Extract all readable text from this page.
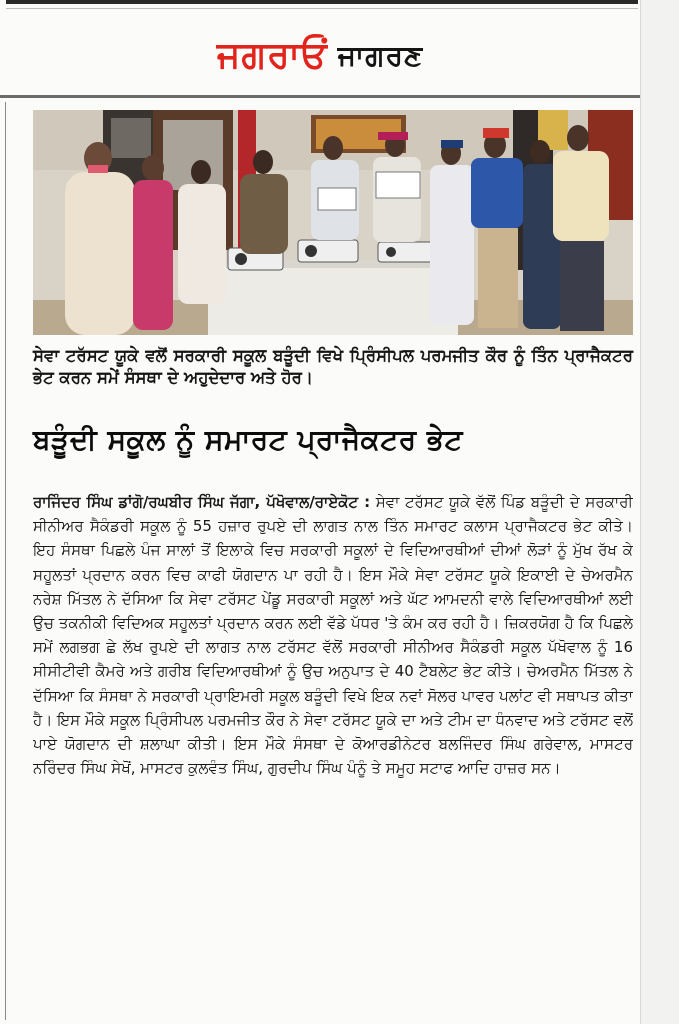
ਜਗਰਾਓਂ ਜਾਗਰਣ
ਸੇਵਾ ਟਰੱਸਟ ਯੂਕੇ ਵਲੋਂ ਸਰਕਾਰੀ ਸਕੂਲ ਬੜੂੰਦੀ ਵਿਖੇ ਪ੍ਰਿੰਸੀਪਲ ਪਰਮਜੀਤ ਕੌਰ ਨੂੰ ਤਿੰਨ ਪ੍ਰਾਜੈਕਟਰ ਭੇਟ ਕਰਨ ਸਮੇਂ ਸੰਸਥਾ ਦੇ ਅਹੁਦੇਦਾਰ ਅਤੇ ਹੋਰ।
ਬੜੂੰਦੀ ਸਕੂਲ ਨੂੰ ਸਮਾਰਟ ਪ੍ਰਾਜੈਕਟਰ ਭੇਟ
ਰਾਜਿੰਦਰ ਸਿੰਘ ਡਾਂਗੋ/ਰਘਬੀਰ ਸਿੰਘ ਜੱਗਾ, ਪੱਖੋਵਾਲ/ਰਾਏਕੋਟ : ਸੇਵਾ ਟਰੱਸਟ ਯੂਕੇ ਵੱਲੋਂ ਪਿੰਡ ਬੜੂੰਦੀ ਦੇ ਸਰਕਾਰੀ ਸੀਨੀਅਰ ਸੈਕੰਡਰੀ ਸਕੂਲ ਨੂੰ 55 ਹਜ਼ਾਰ ਰੁਪਏ ਦੀ ਲਾਗਤ ਨਾਲ ਤਿੰਨ ਸਮਾਰਟ ਕਲਾਸ ਪ੍ਰਾਜੈਕਟਰ ਭੇਟ ਕੀਤੇ। ਇਹ ਸੰਸਥਾ ਪਿਛਲੇ ਪੰਜ ਸਾਲਾਂ ਤੋਂ ਇਲਾਕੇ ਵਿਚ ਸਰਕਾਰੀ ਸਕੂਲਾਂ ਦੇ ਵਿਦਿਆਰਥੀਆਂ ਦੀਆਂ ਲੋੜਾਂ ਨੂੰ ਮੁੱਖ ਰੱਖ ਕੇ ਸਹੂਲਤਾਂ ਪ੍ਰਦਾਨ ਕਰਨ ਵਿਚ ਕਾਫੀ ਯੋਗਦਾਨ ਪਾ ਰਹੀ ਹੈ। ਇਸ ਮੌਕੇ ਸੇਵਾ ਟਰੱਸਟ ਯੂਕੇ ਇਕਾਈ ਦੇ ਚੇਅਰਮੈਨ ਨਰੇਸ਼ ਮਿੱਤਲ ਨੇ ਦੱਸਿਆ ਕਿ ਸੇਵਾ ਟਰੱਸਟ ਪੇਂਡੂ ਸਰਕਾਰੀ ਸਕੂਲਾਂ ਅਤੇ ਘੱਟ ਆਮਦਨੀ ਵਾਲੇ ਵਿਦਿਆਰਥੀਆਂ ਲਈ ਉਚ ਤਕਨੀਕੀ ਵਿਦਿਅਕ ਸਹੂਲਤਾਂ ਪ੍ਰਦਾਨ ਕਰਨ ਲਈ ਵੱਡੇ ਪੱਧਰ 'ਤੇ ਕੰਮ ਕਰ ਰਹੀ ਹੈ। ਜ਼ਿਕਰਯੋਗ ਹੈ ਕਿ ਪਿਛਲੇ ਸਮੇਂ ਲਗਭਗ ਛੇ ਲੱਖ ਰੁਪਏ ਦੀ ਲਾਗਤ ਨਾਲ ਟਰੱਸਟ ਵੱਲੋਂ ਸਰਕਾਰੀ ਸੀਨੀਅਰ ਸੈਕੰਡਰੀ ਸਕੂਲ ਪੱਖੋਵਾਲ ਨੂੰ 16 ਸੀਸੀਟੀਵੀ ਕੈਮਰੇ ਅਤੇ ਗਰੀਬ ਵਿਦਿਆਰਥੀਆਂ ਨੂੰ ਉਚ ਅਨੁਪਾਤ ਦੇ 40 ਟੈਬਲੇਟ ਭੇਟ ਕੀਤੇ। ਚੇਅਰਮੈਨ ਮਿੱਤਲ ਨੇ ਦੱਸਿਆ ਕਿ ਸੰਸਥਾ ਨੇ ਸਰਕਾਰੀ ਪ੍ਰਾਇਮਰੀ ਸਕੂਲ ਬੜੂੰਦੀ ਵਿਖੇ ਇਕ ਨਵਾਂ ਸੋਲਰ ਪਾਵਰ ਪਲਾਂਟ ਵੀ ਸਥਾਪਤ ਕੀਤਾ ਹੈ। ਇਸ ਮੌਕੇ ਸਕੂਲ ਪ੍ਰਿੰਸੀਪਲ ਪਰਮਜੀਤ ਕੌਰ ਨੇ ਸੇਵਾ ਟਰੱਸਟ ਯੂਕੇ ਦਾ ਅਤੇ ਟੀਮ ਦਾ ਧੰਨਵਾਦ ਅਤੇ ਟਰੱਸਟ ਵਲੋਂ ਪਾਏ ਯੋਗਦਾਨ ਦੀ ਸ਼ਲਾਘਾ ਕੀਤੀ। ਇਸ ਮੌਕੇ ਸੰਸਥਾ ਦੇ ਕੋਆਰਡੀਨੇਟਰ ਬਲਜਿੰਦਰ ਸਿੰਘ ਗਰੇਵਾਲ, ਮਾਸਟਰ ਨਰਿੰਦਰ ਸਿੰਘ ਸੇਖੋਂ, ਮਾਸਟਰ ਕੁਲਵੰਤ ਸਿੰਘ, ਗੁਰਦੀਪ ਸਿੰਘ ਪੰਨੂੰ ਤੇ ਸਮੂਹ ਸਟਾਫ ਆਦਿ ਹਾਜ਼ਰ ਸਨ।
